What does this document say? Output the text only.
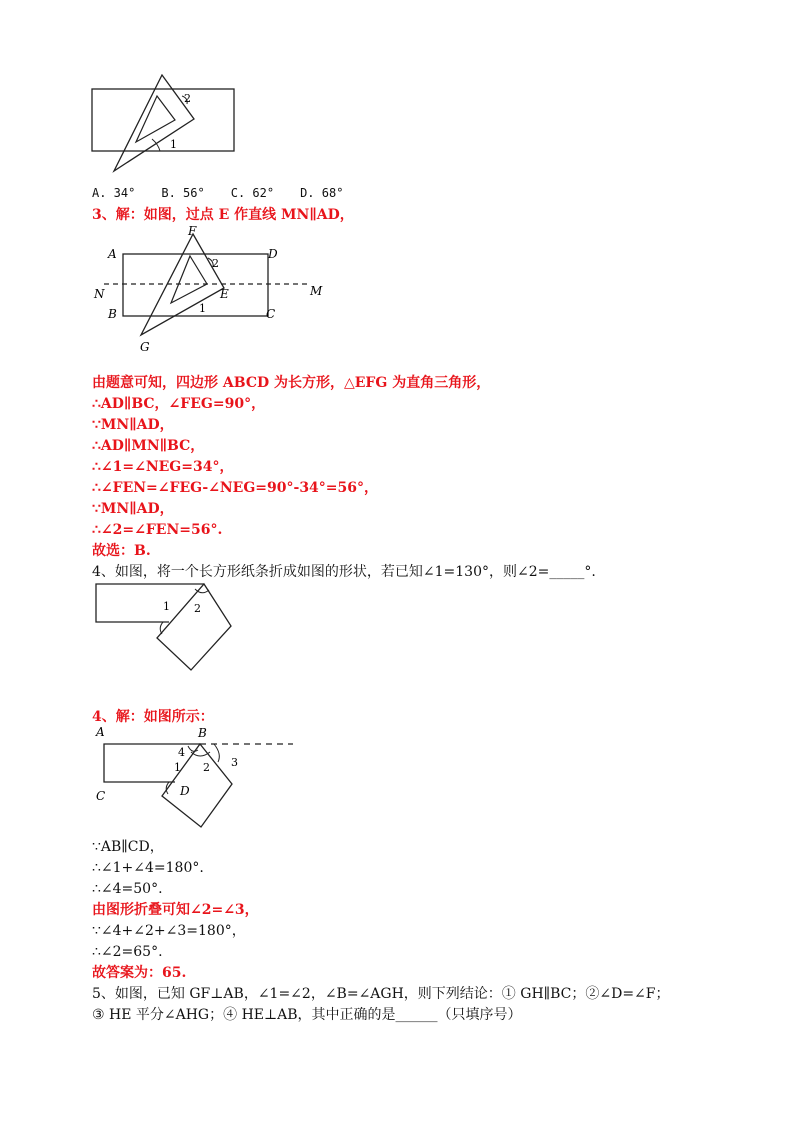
2
1
A. 34° B. 56° C. 62° D. 68°
3、解：如图，过点 E 作直线 MN∥AD，
A
B	C
D
E
F
G
M
N
2
1
由题意可知，四边形 ABCD 为长方形，△EFG 为直角三角形，
∴AD∥BC，∠FEG=90°，
∵MN∥AD，
∴AD∥MN∥BC，
∴∠1=∠NEG=34°，
∴∠FEN=∠FEG-∠NEG=90°-34°=56°，
∵MN∥AD，
∴∠2=∠FEN=56°.
故选：B.
4、如图，将一个长方形纸条折成如图的形状，若已知∠1=130°，则∠2=_____°.
1 2
4、解：如图所示：
A	B
C	D
1 2 3
4
∵AB∥CD，
∴∠1+∠4=180°.
∴∠4=50°.
由图形折叠可知∠2=∠3，
∵∠4+∠2+∠3=180°，
∴∠2=65°.
故答案为：65.
5、如图，已知 GF⊥AB，∠1=∠2，∠B=∠AGH，则下列结论：① GH∥BC；②∠D=∠F；
③ HE 平分∠AHG；④ HE⊥AB，其中正确的是______（只填序号）
